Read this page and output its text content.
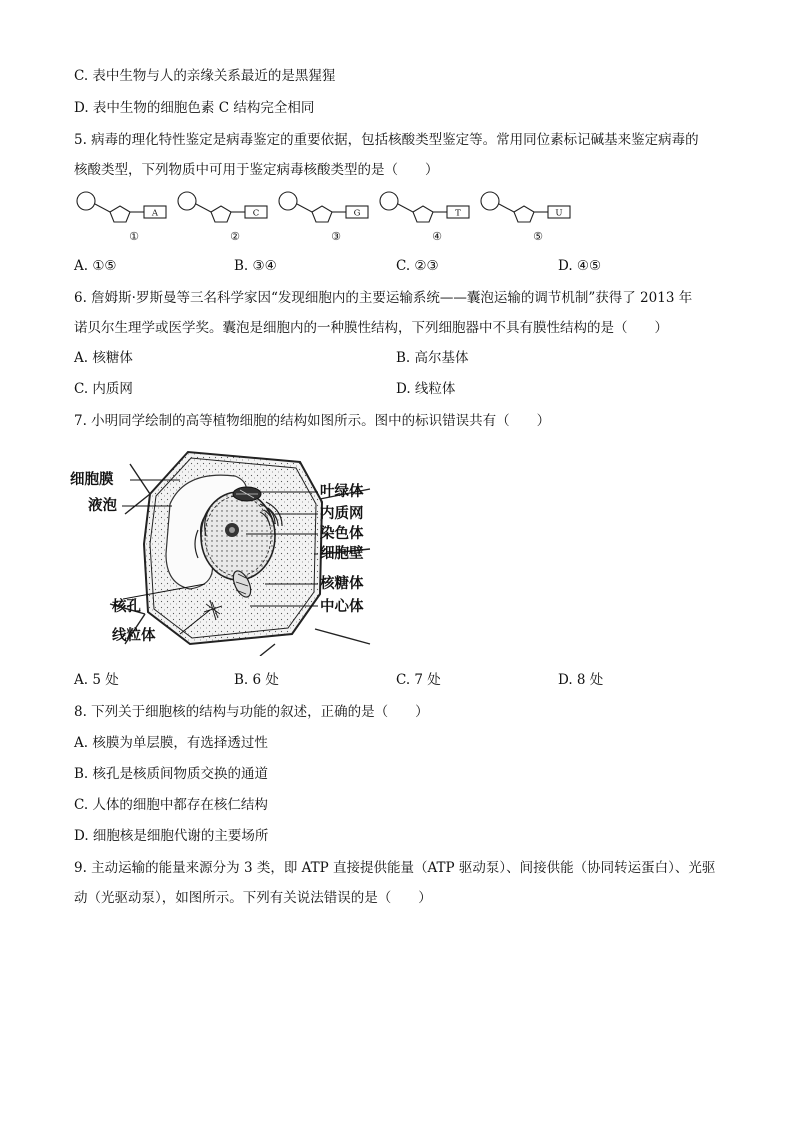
C. 表中生物与人的亲缘关系最近的是黑猩猩
D. 表中生物的细胞色素 C 结构完全相同
5. 病毒的理化特性鉴定是病毒鉴定的重要依据，包括核酸类型鉴定等。常用同位素标记碱基来鉴定病毒的
核酸类型，下列物质中可用于鉴定病毒核酸类型的是（　　）
A
①
C
②
G
③
T
④
U
⑤
A. ①⑤	B. ③④	C. ②③	D. ④⑤
6. 詹姆斯·罗斯曼等三名科学家因“发现细胞内的主要运输系统——囊泡运输的调节机制”获得了 2013 年
诺贝尔生理学或医学奖。囊泡是细胞内的一种膜性结构，下列细胞器中不具有膜性结构的是（　　）
A. 核糖体	B. 高尔基体
C. 内质网	D. 线粒体
7. 小明同学绘制的高等植物细胞的结构如图所示。图中的标识错误共有（　　）
细胞膜
液泡
核孔
线粒体
叶绿体
内质网
染色体
细胞壁
核糖体
中心体
A. 5 处	B. 6 处	C. 7 处	D. 8 处
8. 下列关于细胞核的结构与功能的叙述，正确的是（　　）
A. 核膜为单层膜，有选择透过性
B. 核孔是核质间物质交换的通道
C. 人体的细胞中都存在核仁结构
D. 细胞核是细胞代谢的主要场所
9. 主动运输的能量来源分为 3 类，即 ATP 直接提供能量（ATP 驱动泵）、间接供能（协同转运蛋白）、光驱
动（光驱动泵），如图所示。下列有关说法错误的是（　　）
